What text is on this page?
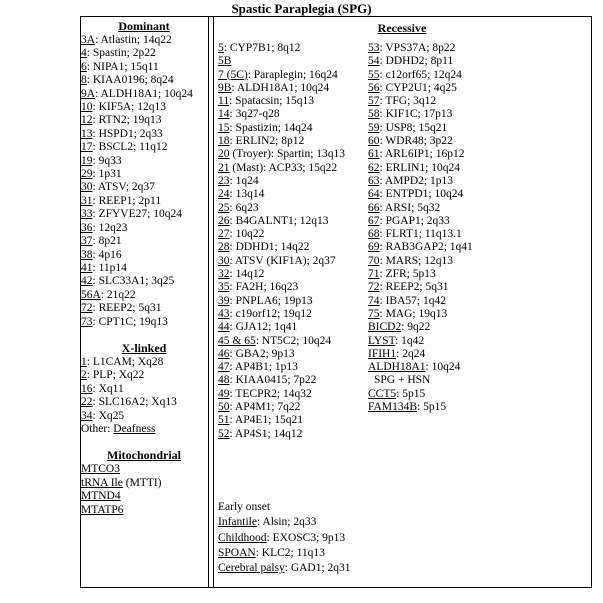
Spastic Paraplegia (SPG)
Dominant
3A: Atlastin; 14q22
4: Spastin; 2p22
6: NIPA1; 15q11
8: KIAA0196; 8q24
9A: ALDH18A1; 10q24
10: KIF5A; 12q13
12: RTN2; 19q13
13: HSPD1; 2q33
17: BSCL2; 11q12
19: 9q33
29: 1p31
30: ATSV; 2q37
31: REEP1; 2p11
33: ZFYVE27; 10q24
36: 12q23
37: 8p21
38: 4p16
41: 11p14
42: SLC33A1; 3q25
56A: 21q22
72: REEP2; 5q31
73: CPT1C; 19q13
X-linked
1: L1CAM; Xq28
2: PLP; Xq22
16: Xq11
22: SLC16A2; Xq13
34: Xq25
Other: Deafness
Mitochondrial
MTCO3
tRNA Ile (MTTI)
MTND4
MTATP6
Recessive
5: CYP7B1; 8q12
5B
7 (5C): Paraplegin; 16q24
9B: ALDH18A1; 10q24
11: Spatacsin; 15q13
14: 3q27-q28
15: Spastizin; 14q24
18: ERLIN2; 8p12
20 (Troyer): Spartin; 13q13
21 (Mast): ACP33; 15q22
23: 1q24
24: 13q14
25: 6q23
26: B4GALNT1; 12q13
27: 10q22
28: DDHD1; 14q22
30: ATSV (KIF1A); 2q37
32: 14q12
35: FA2H; 16q23
39: PNPLA6; 19p13
43: c19orf12; 19q12
44: GJA12; 1q41
45 & 65: NT5C2; 10q24
46: GBA2; 9p13
47: AP4B1; 1p13
48: KIAA0415; 7p22
49: TECPR2; 14q32
50: AP4M1; 7q22
51: AP4E1; 15q21
52: AP4S1; 14q12
53: VPS37A; 8p22
54: DDHD2; 8p11
55: c12orf65; 12q24
56: CYP2U1; 4q25
57: TFG; 3q12
58: KIF1C; 17p13
59: USP8; 15q21
60: WDR48; 3p22
61: ARL6IP1; 16p12
62: ERLIN1; 10q24
63: AMPD2; 1p13
64: ENTPD1; 10q24
66: ARSI; 5q32
67: PGAP1; 2q33
68: FLRT1; 11q13.1
69: RAB3GAP2; 1q41
70: MARS; 12q13
71: ZFR; 5p13
72: REEP2; 5q31
74: IBA57; 1q42
75: MAG; 19q13
BICD2: 9q22
LYST: 1q42
IFIH1: 2q24
ALDH18A1: 10q24
SPG + HSN
CCT5: 5p15
FAM134B: 5p15
Early onset
Infantile: Alsin; 2q33
Childhood: EXOSC3; 9p13
SPOAN: KLC2; 11q13
Cerebral palsy: GAD1; 2q31
